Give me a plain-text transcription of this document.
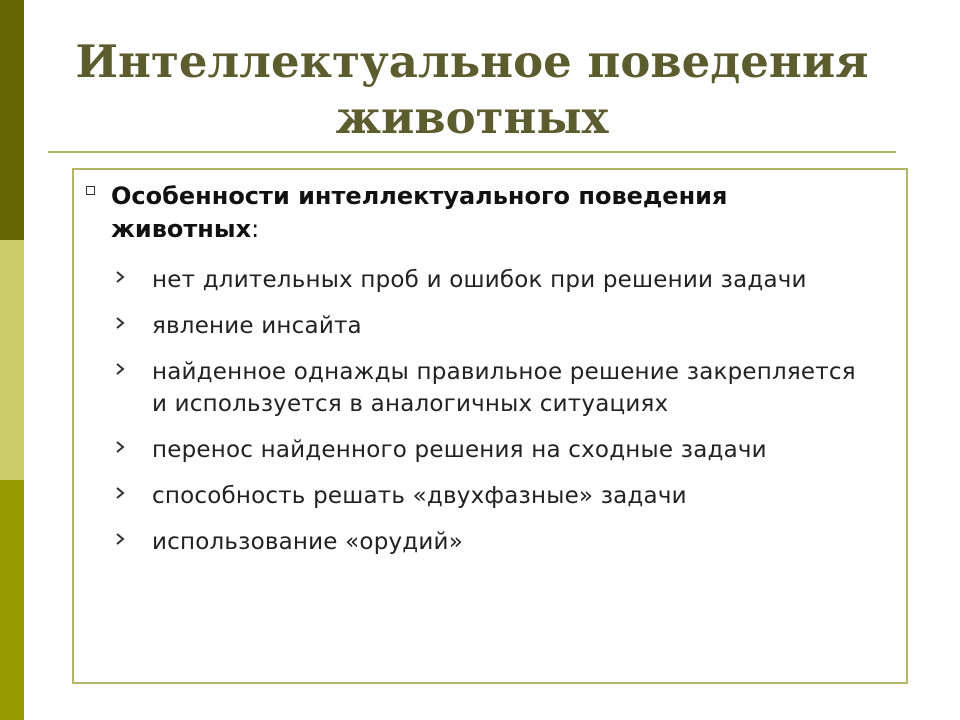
Интеллектуальное поведения
животных
Особенности интеллектуального поведения животных:
нет длительных проб и ошибок при решении задачи
явление инсайта
найденное однажды правильное решение закрепляется и используется в аналогичных ситуациях
перенос найденного решения на сходные задачи
способность решать «двухфазные» задачи
использование «орудий»
